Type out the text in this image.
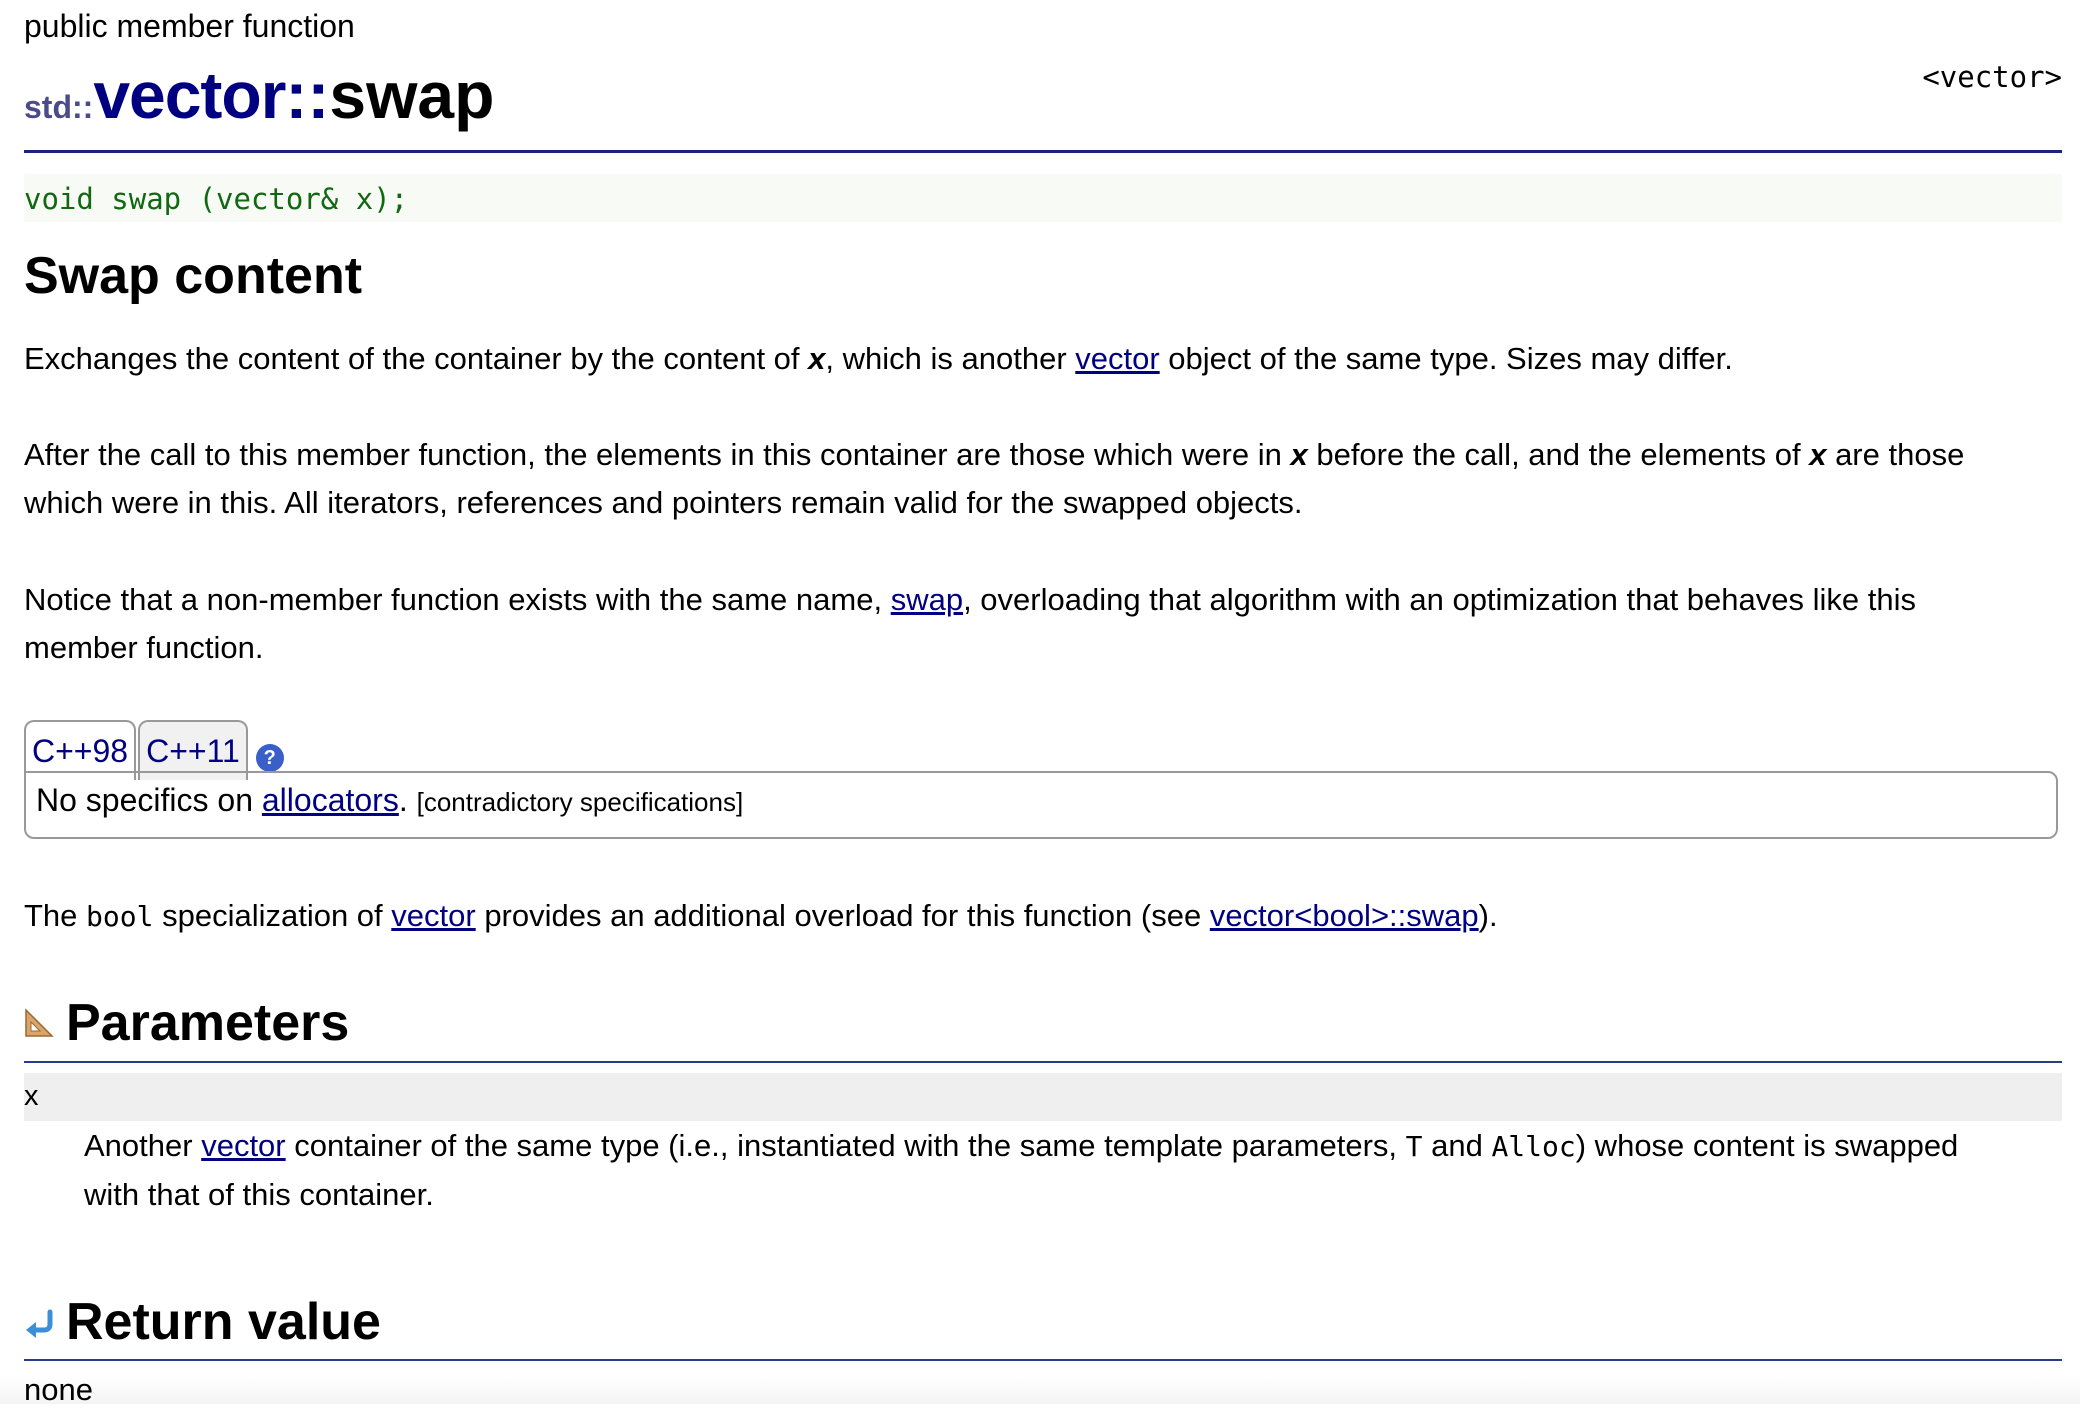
public member function
<vector>
std::vector::swap
void swap (vector& x);
Swap content
Exchanges the content of the container by the content of x, which is another vector object of the same type. Sizes may differ.
After the call to this member function, the elements in this container are those which were in x before the call, and the elements of x are those
which were in this. All iterators, references and pointers remain valid for the swapped objects.
Notice that a non-member function exists with the same name, swap, overloading that algorithm with an optimization that behaves like this
member function.
C++98 C++11	?
No specifics on allocators. [contradictory specifications]
The bool specialization of vector provides an additional overload for this function (see vector<bool>::swap).
Parameters
x
Another vector container of the same type (i.e., instantiated with the same template parameters, T and Alloc) whose content is swapped
with that of this container.
Return value
none
